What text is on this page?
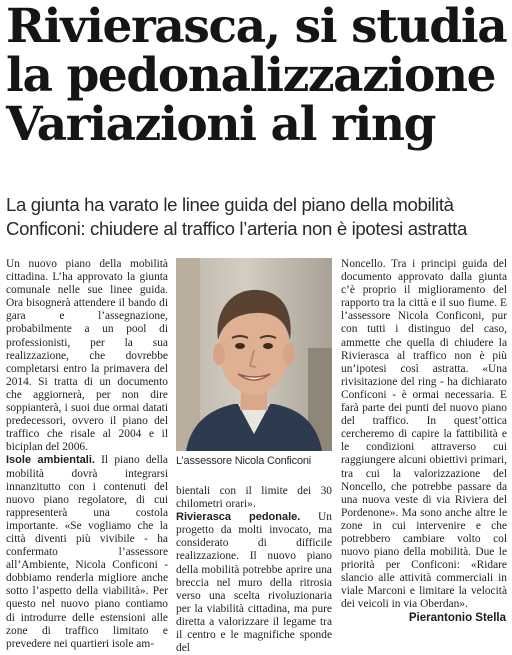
Rivierasca, si studia
la pedonalizzazione
Variazioni al ring
La giunta ha varato le linee guida del piano della mobilità
Conficoni: chiudere al traffico l’arteria non è ipotesi astratta

Un nuovo piano della mobilità cittadina. L’ha approvato la giunta comunale nelle sue linee guida. Ora bisognerà attendere il bando di gara e l’assegnazione, probabilmente a un pool di professionisti, per la sua realizzazione, che dovrebbe completarsi entro la primavera del 2014. Si tratta di un documento che aggiornerà, per non dire soppianterà, i suoi due ormai datati predecessori, ovvero il piano del traffico che risale al 2004 e il biciplan del 2006.

Isole ambientali. Il piano della mobilità dovrà integrarsi innanzitutto con i contenuti del nuovo piano regolatore, di cui rappresenterà una costola importante. «Se vogliamo che la città diventi più vivibile - ha confermato l’assessore all’Ambiente, Nicola Conficoni - dobbiamo renderla migliore anche sotto l’aspetto della viabilità». Per questo nel nuovo piano contiamo di introdurre delle estensioni alle zone di traffico limitato e prevedere nei quartieri isole am-

L’assessore Nicola Conficoni

bientali con il limite dei 30 chilometri orari».

Rivierasca pedonale. Un progetto da molti invocato, ma considerato di difficile realizzazione. Il nuovo piano della mobilità potrebbe aprire una breccia nel muro della ritrosia verso una scelta rivoluzionaria per la viabilità cittadina, ma pure diretta a valorizzare il legame tra il centro e le magnifiche sponde del

Noncello. Tra i principi guida del documento approvato dalla giunta c’è proprio il miglioramento del rapporto tra la città e il suo fiume. E l’assessore Nicola Conficoni, pur con tutti i distinguo del caso, ammette che quella di chiudere la Rivierasca al traffico non è più un’ipotesi così astratta. «Una rivisitazione del ring - ha dichiarato Conficoni - è ormai necessaria. E farà parte dei punti del nuovo piano del traffico. In quest’ottica cercheremo di capire la fattibilità e le condizioni attraverso cui raggiungere alcuni obiettivi primari, tra cui la valorizzazione del Noncello, che potrebbe passare da una nuova veste di via Riviera del Pordenone». Ma sono anche altre le zone in cui intervenire e che potrebbero cambiare volto col nuovo piano della mobilità. Due le priorità per Conficoni: «Ridare slancio alle attività commerciali in viale Marconi e limitare la velocità dei veicoli in via Oberdan».

Pierantonio Stella
